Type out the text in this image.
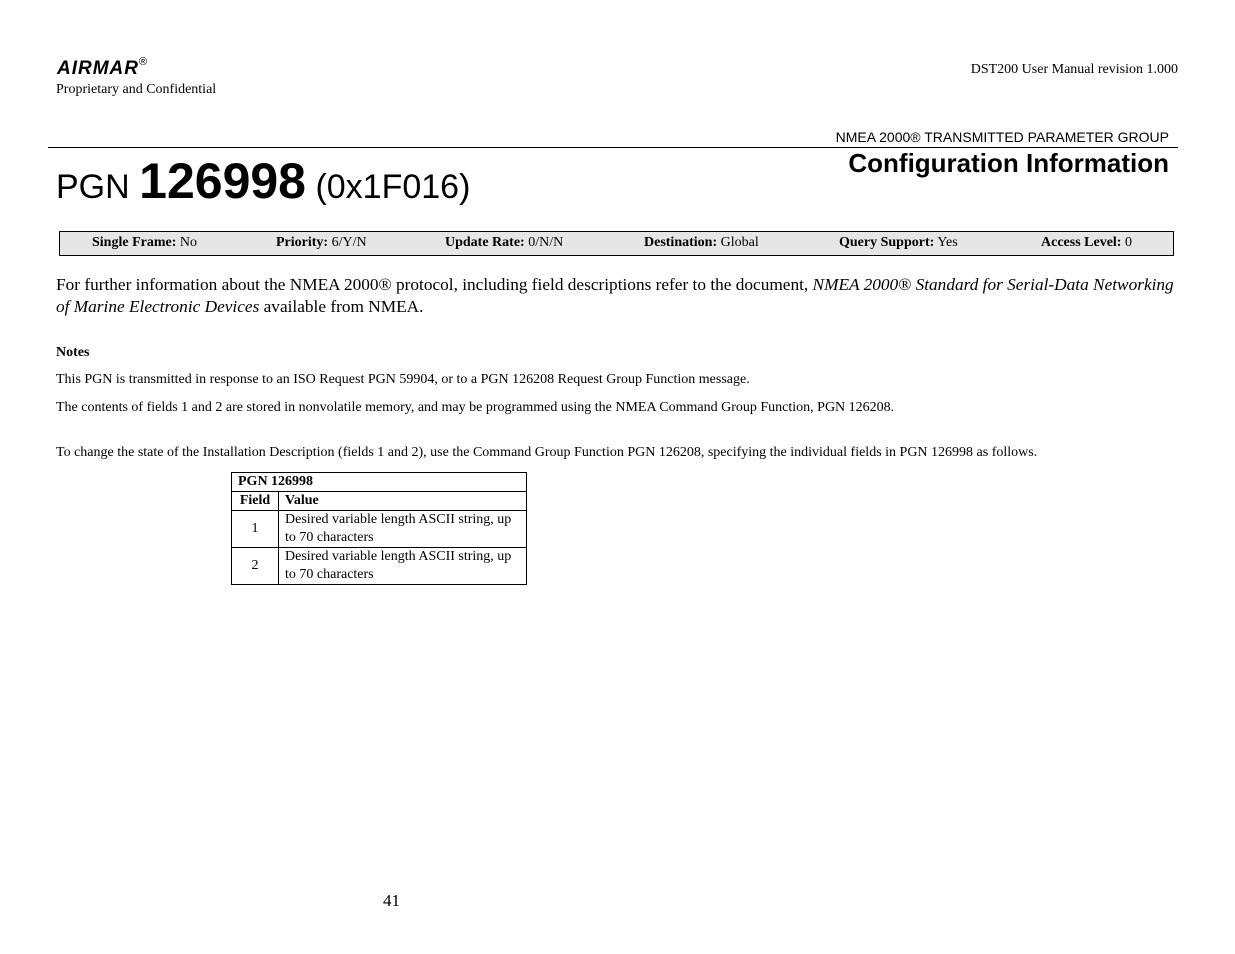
AIRMAR®
Proprietary and Confidential
DST200 User Manual revision 1.000
NMEA 2000® TRANSMITTED PARAMETER GROUP
Configuration Information
PGN 126998 (0x1F016)
Single Frame: No	Priority: 6/Y/N	Update Rate: 0/N/N	Destination: Global	Query Support: Yes	Access Level: 0
For further information about the NMEA 2000® protocol, including field descriptions refer to the document, NMEA 2000® Standard for Serial-Data Networking of Marine Electronic Devices available from NMEA.
Notes
This PGN is transmitted in response to an ISO Request PGN 59904, or to a PGN 126208 Request Group Function message.
The contents of fields 1 and 2 are stored in nonvolatile memory, and may be programmed using the NMEA Command Group Function, PGN 126208.
To change the state of the Installation Description (fields 1 and 2), use the Command Group Function PGN 126208, specifying the individual fields in PGN 126998 as follows.
PGN 126998	
Field	Value
1	Desired variable length ASCII string, up to 70 characters
2	Desired variable length ASCII string, up to 70 characters
41
